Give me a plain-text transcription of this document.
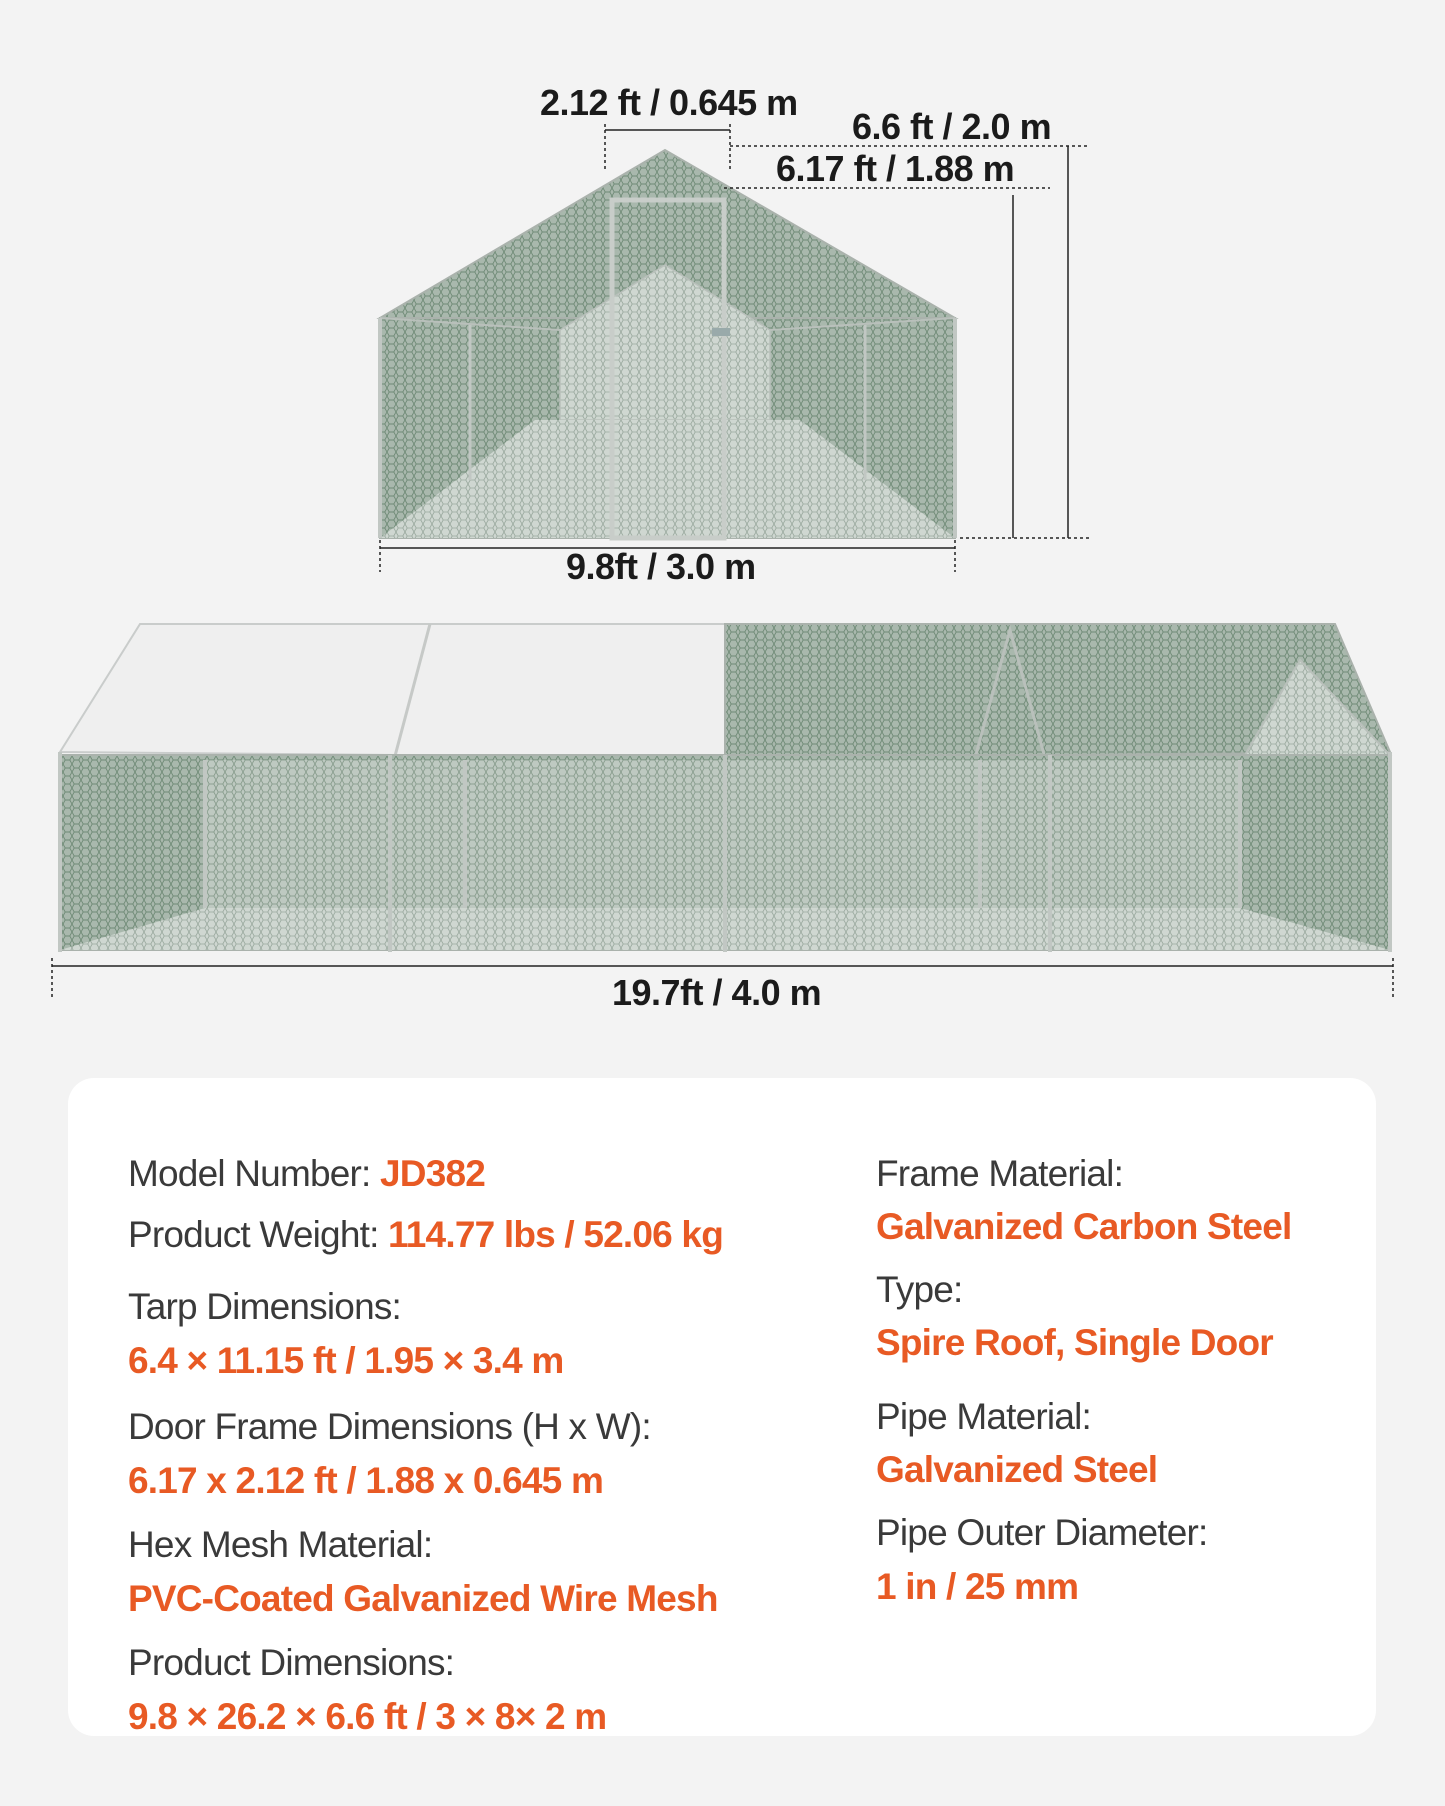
2.12 ft / 0.645 m
6.6 ft / 2.0 m
6.17 ft / 1.88 m
9.8ft / 3.0 m
19.7ft / 4.0 m
Model Number: JD382
Product Weight: 114.77 lbs / 52.06 kg
Tarp Dimensions:
6.4 × 11.15 ft / 1.95 × 3.4 m
Door Frame Dimensions (H x W):
6.17 x 2.12 ft / 1.88 x 0.645 m
Hex Mesh Material:
PVC-Coated Galvanized Wire Mesh
Product Dimensions:
9.8 × 26.2 × 6.6 ft / 3 × 8× 2 m
Frame Material:
Galvanized Carbon Steel
Type:
Spire Roof, Single Door
Pipe Material:
Galvanized Steel
Pipe Outer Diameter:
1 in / 25 mm
